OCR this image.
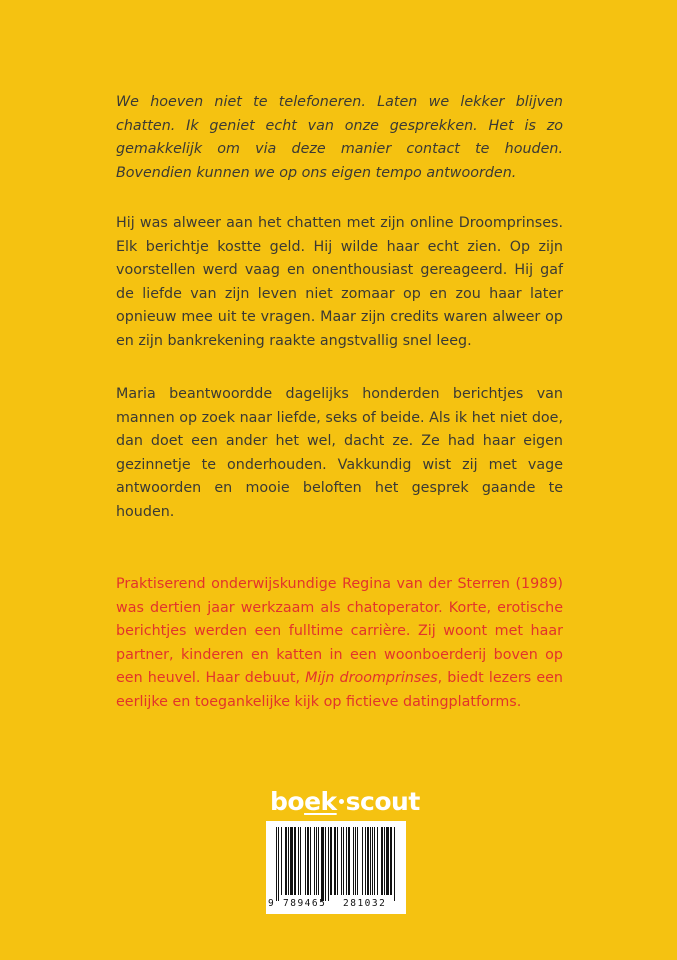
We hoeven niet te telefoneren. Laten we lekker blijven chatten. Ik geniet echt van onze gesprekken. Het is zo gemakkelijk om via deze manier contact te houden. Bovendien kunnen we op ons eigen tempo antwoorden.

Hij was alweer aan het chatten met zijn online Droomprinses. Elk berichtje kostte geld. Hij wilde haar echt zien. Op zijn voorstellen werd vaag en onenthousiast gereageerd. Hij gaf de liefde van zijn leven niet zomaar op en zou haar later opnieuw mee uit te vragen. Maar zijn credits waren alweer op en zijn bankrekening raakte angstvallig snel leeg.

Maria beantwoordde dagelijks honderden berichtjes van mannen op zoek naar liefde, seks of beide. Als ik het niet doe, dan doet een ander het wel, dacht ze. Ze had haar eigen gezinnetje te onderhouden. Vakkundig wist zij met vage antwoorden en mooie beloften het gesprek gaande te houden.

Praktiserend onderwijskundige Regina van der Sterren (1989) was dertien jaar werkzaam als chatoperator. Korte, erotische berichtjes werden een fulltime carrière. Zij woont met haar partner, kinderen en katten in een woonboerderij boven op een heuvel. Haar debuut, Mijn droomprinses, biedt lezers een eerlijke en toegankelijke kijk op fictieve datingplatforms.

boek scout
9 789465 281032
